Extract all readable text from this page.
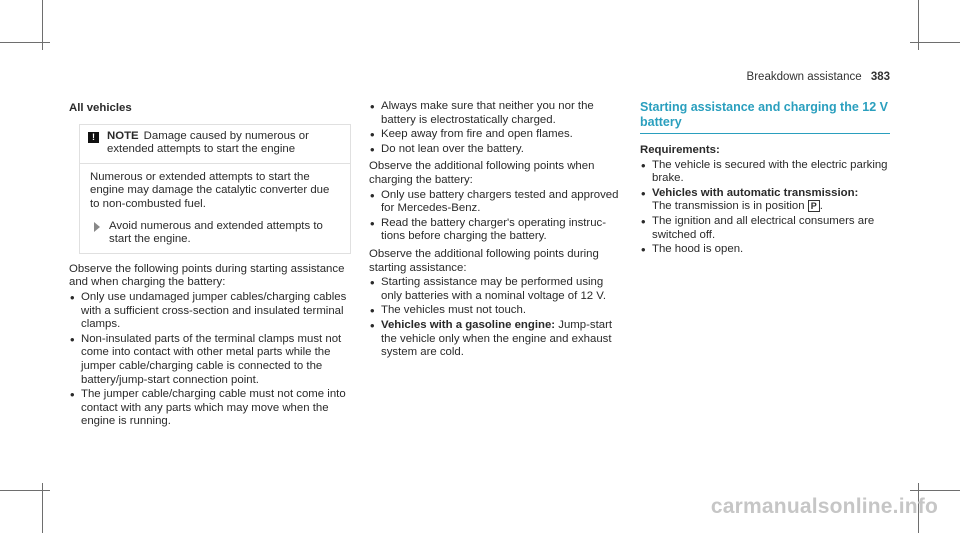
Breakdown assistance 383
All vehicles
!	NOTE Damage caused by numerous or extended attempts to start the engine

Numerous or extended attempts to start the engine may damage the catalytic converter due to non-combusted fuel.

Avoid numerous and extended attempts to start the engine.

Observe the following points during starting assistance and when charging the battery:

• Only use undamaged jumper cables/charging cables with a sufficient cross-section and insulated terminal clamps.
• Non-insulated parts of the terminal clamps must not come into contact with other metal parts while the jumper cable/charging cable is connected to the battery/jump-start connection point.
• The jumper cable/charging cable must not come into contact with any parts which may move when the engine is running.
• Always make sure that neither you nor the battery is electrostatically charged.
• Keep away from fire and open flames.
• Do not lean over the battery.

Observe the additional following points when charging the battery:

• Only use battery chargers tested and approved for Mercedes-Benz.
• Read the battery charger's operating instructions before charging the battery.

Observe the additional following points during starting assistance:

• Starting assistance may be performed using only batteries with a nominal voltage of 12 V.
• The vehicles must not touch.
• Vehicles with a gasoline engine: Jump-start the vehicle only when the engine and exhaust system are cold.
Starting assistance and charging the 12 V battery
Requirements:
• The vehicle is secured with the electric parking brake.
• Vehicles with automatic transmission:
The transmission is in position P .
• The ignition and all electrical consumers are switched off.
• The hood is open.
carmanualsonline.info
